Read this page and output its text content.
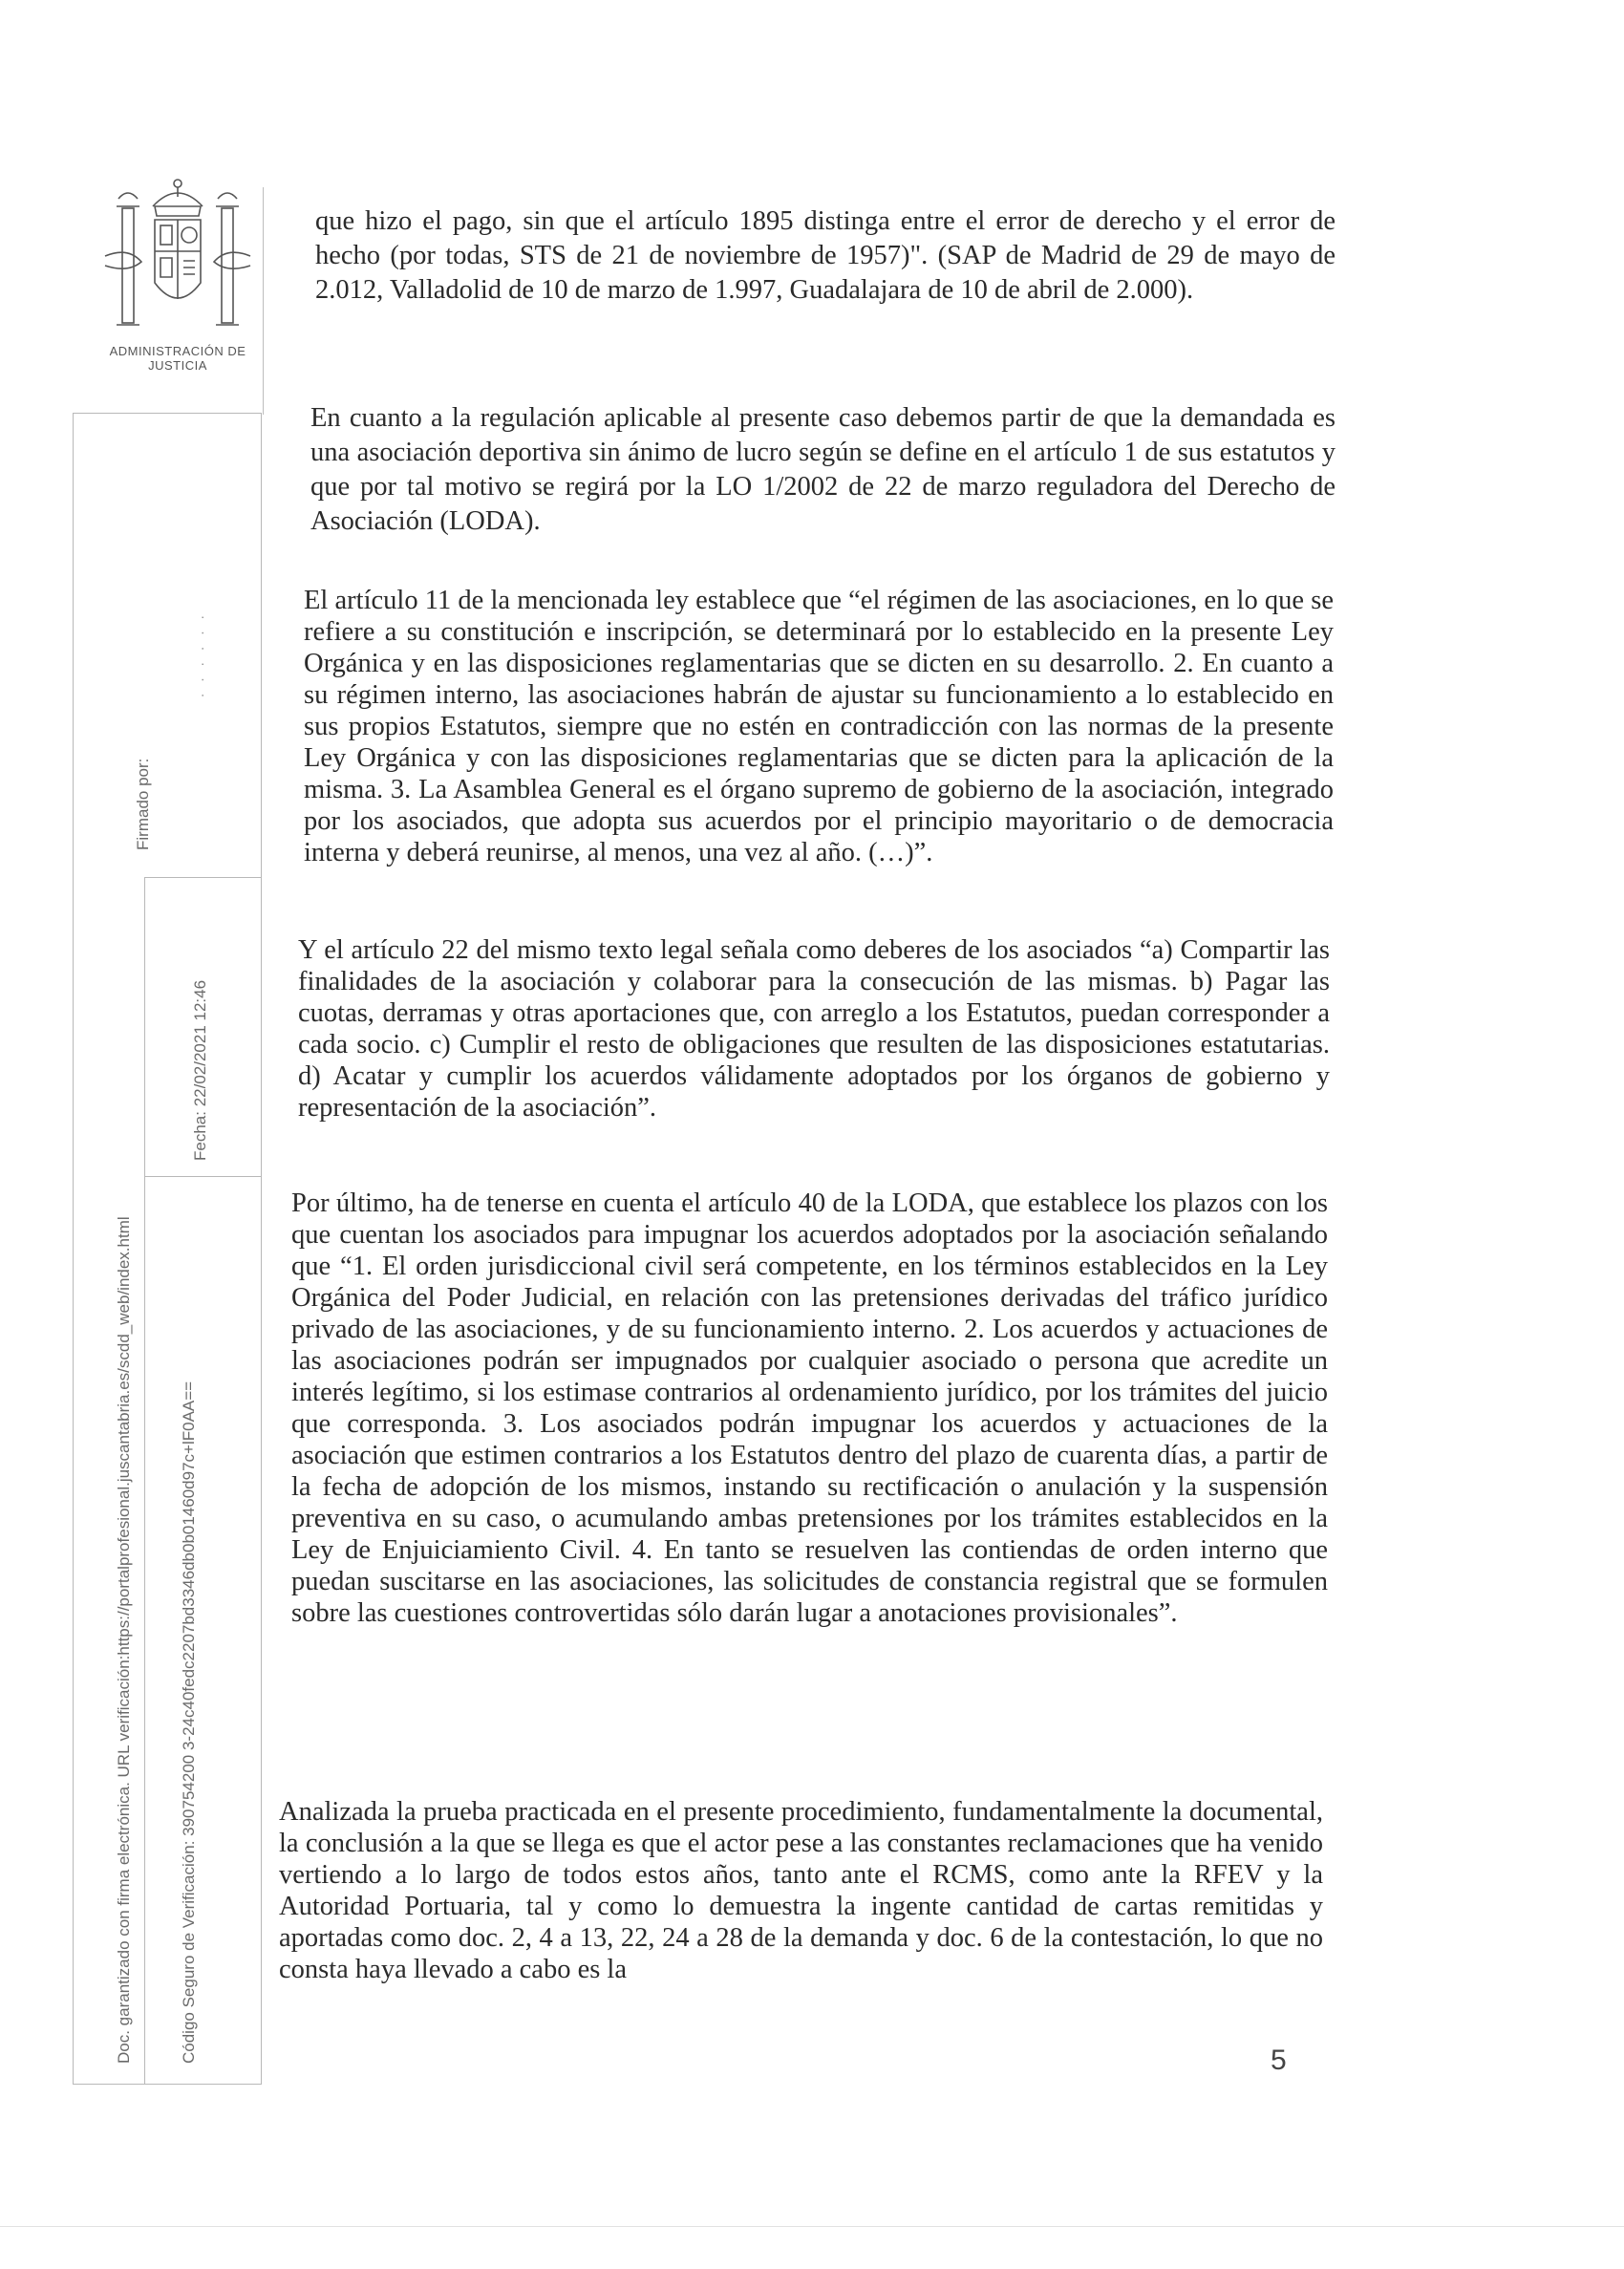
ADMINISTRACIÓN DE JUSTICIA
Firmado por:
. . . . . .
Fecha: 22/02/2021 12:46
Doc. garantizado con firma electrónica. URL verificación:https://portalprofesional.juscantabria.es/scdd_web/index.html	Código Seguro de Verificación: 390754200 3-24c40fedc2207bd3346db0b01460d97c+lF0AA==

que hizo el pago, sin que el artículo 1895 distinga entre el error de derecho y el error de hecho (por todas, STS de 21 de noviembre de 1957)". (SAP de Madrid de 29 de mayo de 2.012, Valladolid de 10 de marzo de 1.997, Guadalajara de 10 de abril de 2.000).

En cuanto a la regulación aplicable al presente caso debemos partir de que la demandada es una asociación deportiva sin ánimo de lucro según se define en el artículo 1 de sus estatutos y que por tal motivo se regirá por la LO 1/2002 de 22 de marzo reguladora del Derecho de Asociación (LODA).

El artículo 11 de la mencionada ley establece que “el régimen de las asociaciones, en lo que se refiere a su constitución e inscripción, se determinará por lo establecido en la presente Ley Orgánica y en las disposiciones reglamentarias que se dicten en su desarrollo. 2. En cuanto a su régimen interno, las asociaciones habrán de ajustar su funcionamiento a lo establecido en sus propios Estatutos, siempre que no estén en contradicción con las normas de la presente Ley Orgánica y con las disposiciones reglamentarias que se dicten para la aplicación de la misma. 3. La Asamblea General es el órgano supremo de gobierno de la asociación, integrado por los asociados, que adopta sus acuerdos por el principio mayoritario o de democracia interna y deberá reunirse, al menos, una vez al año. (…)”.

Y el artículo 22 del mismo texto legal señala como deberes de los asociados “a) Compartir las finalidades de la asociación y colaborar para la consecución de las mismas. b) Pagar las cuotas, derramas y otras aportaciones que, con arreglo a los Estatutos, puedan corresponder a cada socio. c) Cumplir el resto de obligaciones que resulten de las disposiciones estatutarias. d) Acatar y cumplir los acuerdos válidamente adoptados por los órganos de gobierno y representación de la asociación”.

Por último, ha de tenerse en cuenta el artículo 40 de la LODA, que establece los plazos con los que cuentan los asociados para impugnar los acuerdos adoptados por la asociación señalando que “1. El orden jurisdiccional civil será competente, en los términos establecidos en la Ley Orgánica del Poder Judicial, en relación con las pretensiones derivadas del tráfico jurídico privado de las asociaciones, y de su funcionamiento interno. 2. Los acuerdos y actuaciones de las asociaciones podrán ser impugnados por cualquier asociado o persona que acredite un interés legítimo, si los estimase contrarios al ordenamiento jurídico, por los trámites del juicio que corresponda. 3. Los asociados podrán impugnar los acuerdos y actuaciones de la asociación que estimen contrarios a los Estatutos dentro del plazo de cuarenta días, a partir de la fecha de adopción de los mismos, instando su rectificación o anulación y la suspensión preventiva en su caso, o acumulando ambas pretensiones por los trámites establecidos en la Ley de Enjuiciamiento Civil. 4. En tanto se resuelven las contiendas de orden interno que puedan suscitarse en las asociaciones, las solicitudes de constancia registral que se formulen sobre las cuestiones controvertidas sólo darán lugar a anotaciones provisionales”.

Analizada la prueba practicada en el presente procedimiento, fundamentalmente la documental, la conclusión a la que se llega es que el actor pese a las constantes reclamaciones que ha venido vertiendo a lo largo de todos estos años, tanto ante el RCMS, como ante la RFEV y la Autoridad Portuaria, tal y como lo demuestra la ingente cantidad de cartas remitidas y aportadas como doc. 2, 4 a 13, 22, 24 a 28 de la demanda y doc. 6 de la contestación, lo que no consta haya llevado a cabo es la

5
